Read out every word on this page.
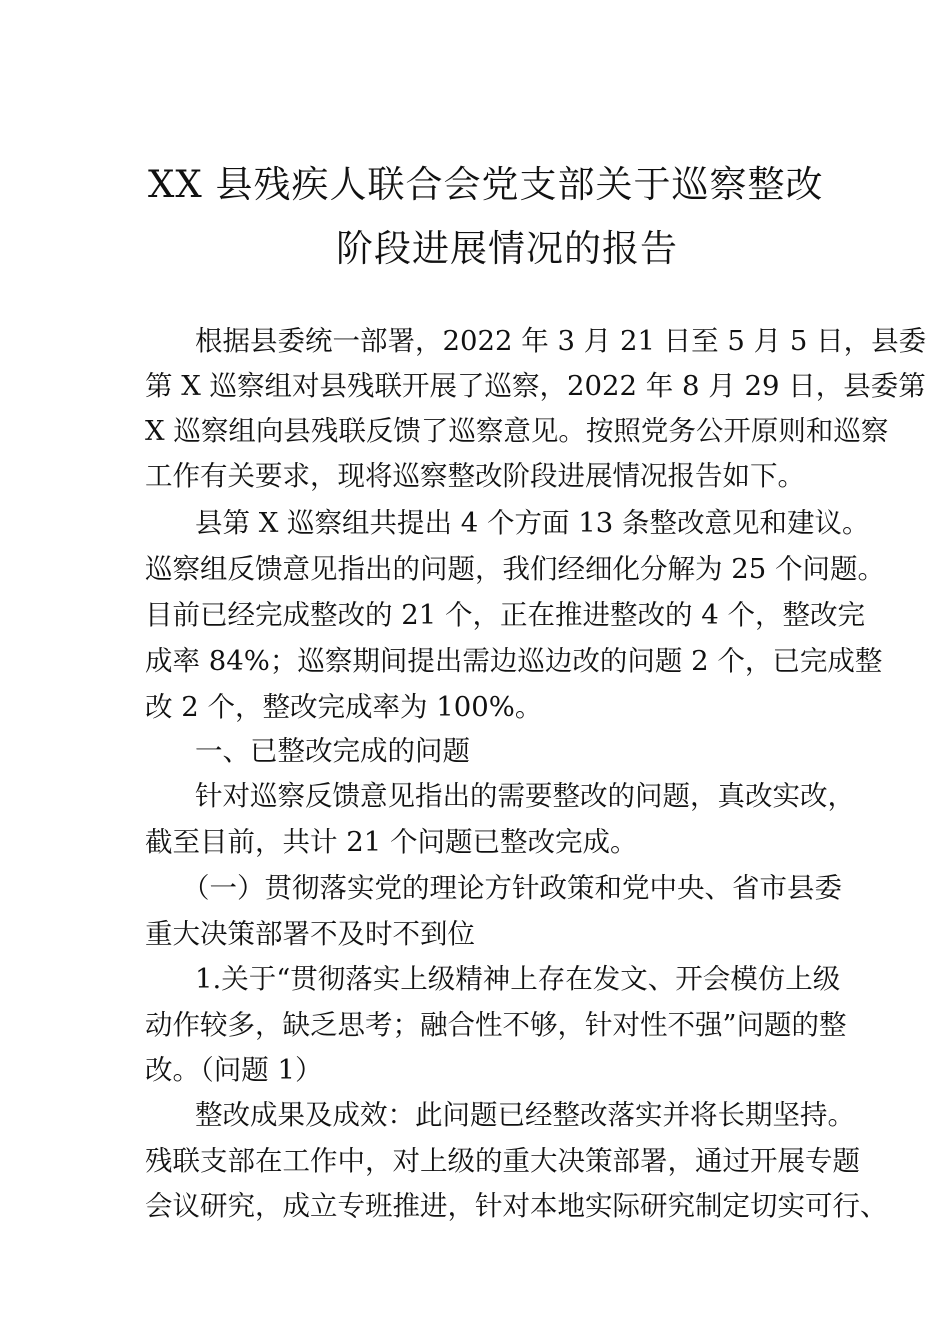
XX 县残疾人联合会党支部关于巡察整改
阶段进展情况的报告
根据县委统一部署，2022 年 3 月 21 日至 5 月 5 日，县委
第 X 巡察组对县残联开展了巡察，2022 年 8 月 29 日，县委第
X 巡察组向县残联反馈了巡察意见。按照党务公开原则和巡察
工作有关要求，现将巡察整改阶段进展情况报告如下。
县第 X 巡察组共提出 4 个方面 13 条整改意见和建议。
巡察组反馈意见指出的问题，我们经细化分解为 25 个问题。
目前已经完成整改的 21 个，正在推进整改的 4 个，整改完
成率 84%；巡察期间提出需边巡边改的问题 2 个，已完成整
改 2 个，整改完成率为 100%。
一、已整改完成的问题
针对巡察反馈意见指出的需要整改的问题，真改实改，
截至目前，共计 21 个问题已整改完成。
（一）贯彻落实党的理论方针政策和党中央、省市县委
重大决策部署不及时不到位
1.关于“贯彻落实上级精神上存在发文、开会模仿上级
动作较多，缺乏思考；融合性不够，针对性不强”问题的整
改。（问题 1）
整改成果及成效：此问题已经整改落实并将长期坚持。
残联支部在工作中，对上级的重大决策部署，通过开展专题
会议研究，成立专班推进，针对本地实际研究制定切实可行、
